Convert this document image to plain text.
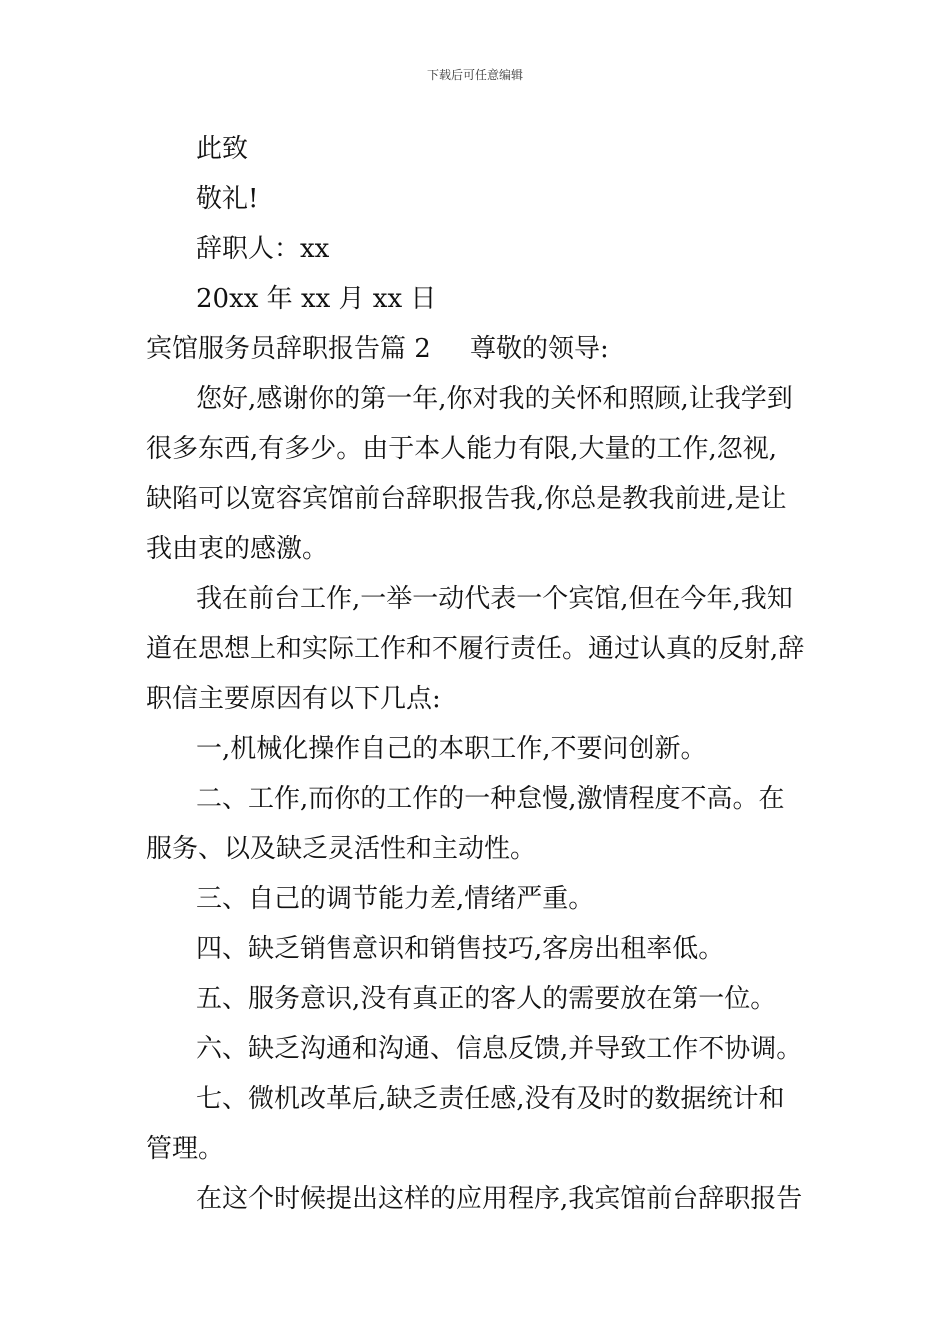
下载后可任意编辑
此致
敬礼!
辞职人：xx
20xx 年 xx 月 xx 日
宾馆服务员辞职报告篇 2 尊敬的领导:
您好,感谢你的第一年,你对我的关怀和照顾,让我学到
很多东西,有多少。由于本人能力有限,大量的工作,忽视,
缺陷可以宽容宾馆前台辞职报告我,你总是教我前进,是让
我由衷的感激。
我在前台工作,一举一动代表一个宾馆,但在今年,我知
道在思想上和实际工作和不履行责任。通过认真的反射,辞
职信主要原因有以下几点:
一,机械化操作自己的本职工作,不要问创新。
二、工作,而你的工作的一种怠慢,激情程度不高。在
服务、以及缺乏灵活性和主动性。
三、自己的调节能力差,情绪严重。
四、缺乏销售意识和销售技巧,客房出租率低。
五、服务意识,没有真正的客人的需要放在第一位。
六、缺乏沟通和沟通、信息反馈,并导致工作不协调。
七、微机改革后,缺乏责任感,没有及时的数据统计和
管理。
在这个时候提出这样的应用程序,我宾馆前台辞职报告
